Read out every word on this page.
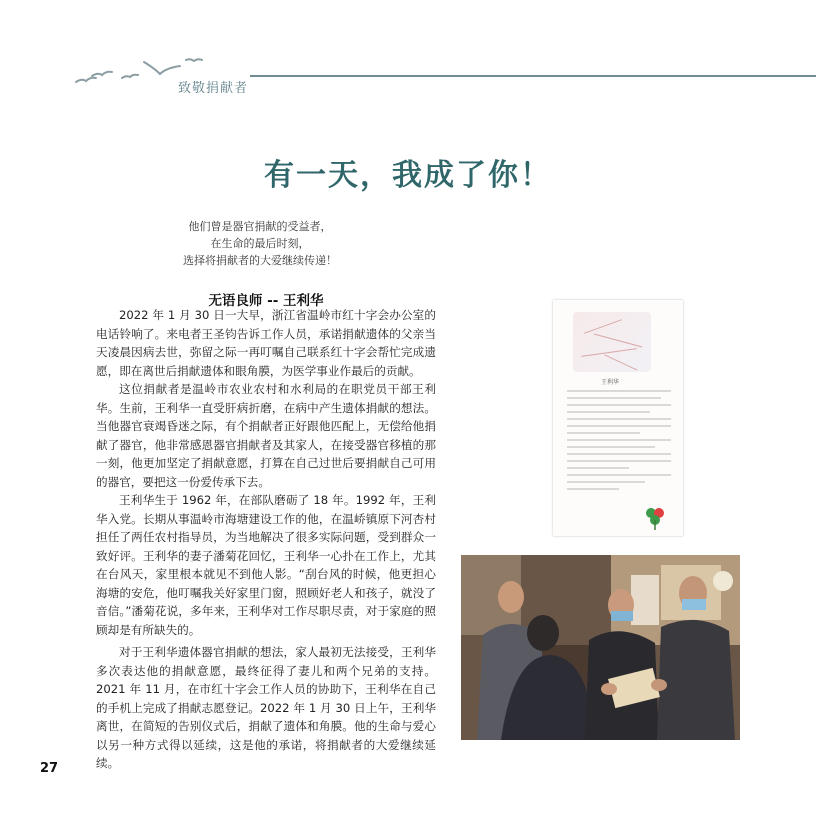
致敬捐献者
有一天，我成了你！
他们曾是器官捐献的受益者，
在生命的最后时刻，
选择将捐献者的大爱继续传递！
无语良师 -- 王利华

2022 年 1 月 30 日一大早，浙江省温岭市红十字会办公室的电话铃响了。来电者王圣钧告诉工作人员，承诺捐献遗体的父亲当天凌晨因病去世，弥留之际一再叮嘱自己联系红十字会帮忙完成遗愿，即在离世后捐献遗体和眼角膜，为医学事业作最后的贡献。

这位捐献者是温岭市农业农村和水利局的在职党员干部王利华。生前，王利华一直受肝病折磨，在病中产生遗体捐献的想法。当他器官衰竭昏迷之际，有个捐献者正好跟他匹配上，无偿给他捐献了器官，他非常感恩器官捐献者及其家人，在接受器官移植的那一刻，他更加坚定了捐献意愿，打算在自己过世后要捐献自己可用的器官，要把这一份爱传承下去。

王利华生于 1962 年，在部队磨砺了 18 年。1992 年，王利华入党。长期从事温岭市海塘建设工作的他，在温峤镇原下河杏村担任了两任农村指导员，为当地解决了很多实际问题，受到群众一致好评。王利华的妻子潘菊花回忆，王利华一心扑在工作上，尤其在台风天，家里根本就见不到他人影。“刮台风的时候，他更担心海塘的安危，他叮嘱我关好家里门窗，照顾好老人和孩子，就没了音信。”潘菊花说，多年来，王利华对工作尽职尽责，对于家庭的照顾却是有所缺失的。

对于王利华遗体器官捐献的想法，家人最初无法接受，王利华多次表达他的捐献意愿，最终征得了妻儿和两个兄弟的支持。2021 年 11 月，在市红十字会工作人员的协助下，王利华在自己的手机上完成了捐献志愿登记。2022 年 1 月 30 日上午，王利华离世，在简短的告别仪式后，捐献了遗体和角膜。他的生命与爱心以另一种方式得以延续，这是他的承诺，将捐献者的大爱继续延续。

王利华
27
